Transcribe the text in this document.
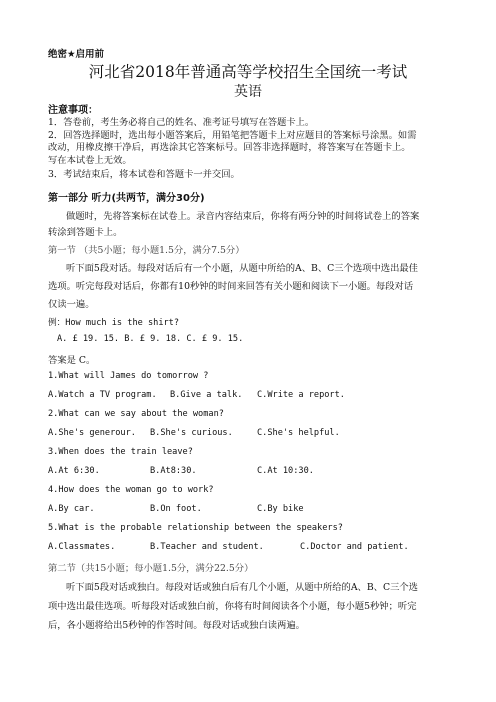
绝密★启用前
河北省2018年普通高等学校招生全国统一考试
英语
注意事项：
1．答卷前，考生务必将自己的姓名、准考证号填写在答题卡上。
2．回答选择题时，选出每小题答案后，用铅笔把答题卡上对应题目的答案标号涂黑。如需
改动，用橡皮擦干净后，再选涂其它答案标号。回答非选择题时，将答案写在答题卡上。
写在本试卷上无效。
3．考试结束后，将本试卷和答题卡一并交回。
第一部分 听力(共两节，满分30分)
做题时，先将答案标在试卷上。录音内容结束后，你将有两分钟的时间将试卷上的答案
转涂到答题卡上。
第一节 （共5小题；每小题1.5分，满分7.5分）
听下面5段对话。每段对话后有一个小题，从题中所给的A、B、C三个选项中选出最佳
选项。听完每段对话后，你都有10秒钟的时间来回答有关小题和阅读下一小题。每段对话
仅读一遍。
例：How much is the shirt?
A. £ 19. 15. B. £ 9. 18. C. £ 9. 15.
答案是 C。
1.What will James do tomorrow ?
A.Watch a TV program. B.Give a talk. C.Write a report.
2.What can we say about the woman?
A.She's generour. B.She's curious.	C.She's helpful.
3.When does the train leave?
A.At 6:30.	B.At8:30.	C.At 10:30.
4.How does the woman go to work?
A.By car.	B.On foot.	C.By bike
5.What is the probable relationship between the speakers?
A.Classmates.	B.Teacher and student.	C.Doctor and patient.
第二节（共15小题；每小题1.5分，满分22.5分）
听下面5段对话或独白。每段对话或独白后有几个小题，从题中所给的A、B、C三个选
项中选出最佳选项。听每段对话或独白前，你将有时间阅读各个小题，每小题5秒钟；听完
后，各小题将给出5秒钟的作答时间。每段对话或独白读两遍。
